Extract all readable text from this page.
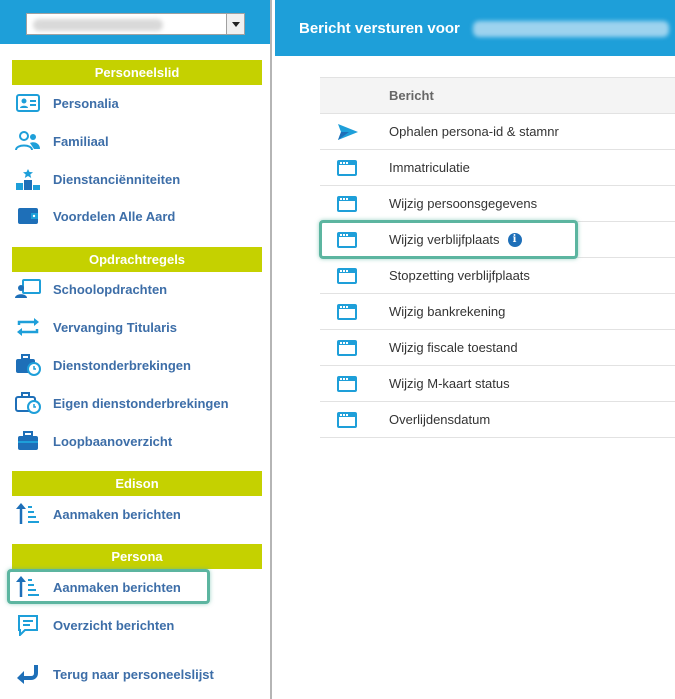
Personeelslid
Personalia
Familiaal
Dienstanciënniteiten
Voordelen Alle Aard
Opdrachtregels
Schoolopdrachten
Vervanging Titularis
Dienstonderbrekingen
Eigen dienstonderbrekingen
Loopbaanoverzicht
Edison
Aanmaken berichten
Persona
Aanmaken berichten
Overzicht berichten
Terug naar personeelslijst
Bericht versturen voor
Bericht
Ophalen persona-id & stamnr
Immatriculatie
Wijzig persoonsgegevens
Wijzig verblijfplaats	i
Stopzetting verblijfplaats
Wijzig bankrekening
Wijzig fiscale toestand
Wijzig M-kaart status
Overlijdensdatum
